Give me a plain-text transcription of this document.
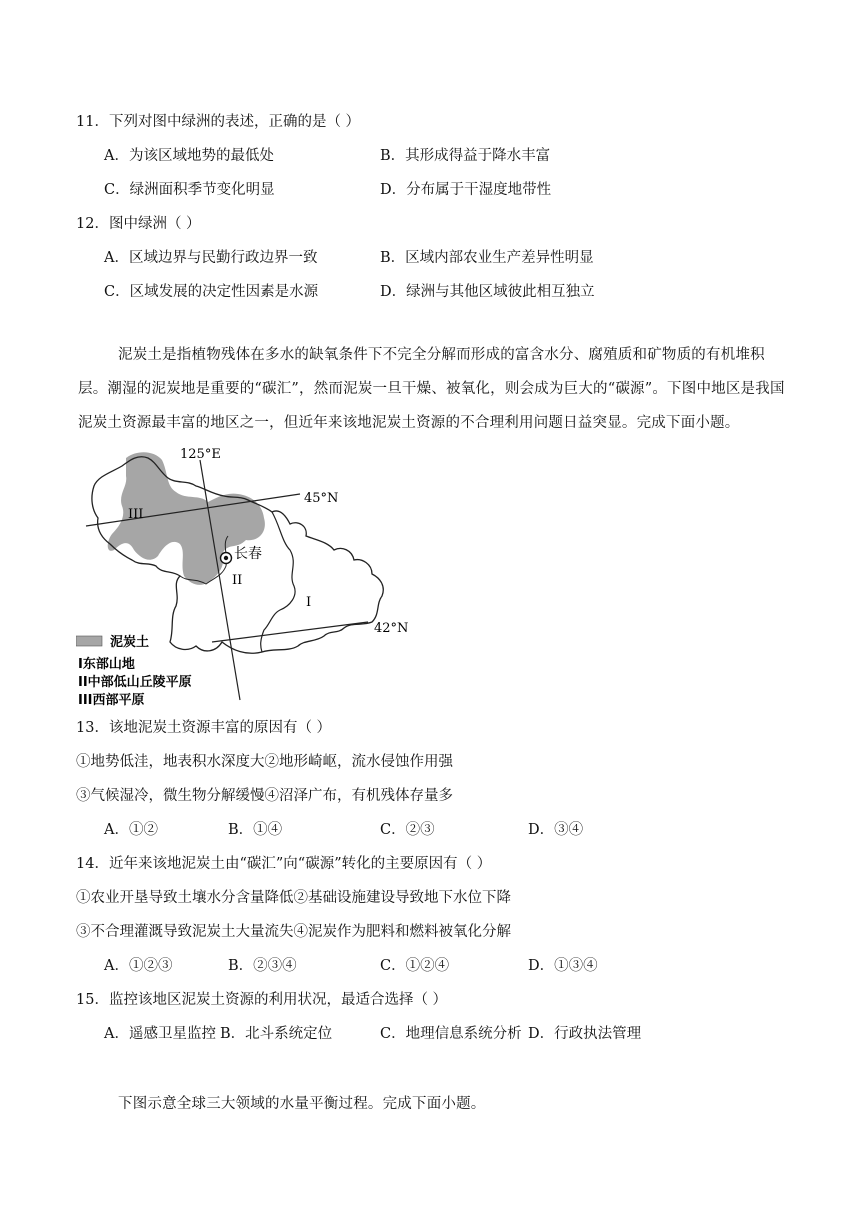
11．下列对图中绿洲的表述，正确的是（ ）
A．为该区域地势的最低处	B．其形成得益于降水丰富
C．绿洲面积季节变化明显	D．分布属于干湿度地带性
12．图中绿洲（ ）
A．区域边界与民勤行政边界一致	B．区域内部农业生产差异性明显
C．区域发展的决定性因素是水源	D．绿洲与其他区域彼此相互独立
泥炭土是指植物残体在多水的缺氧条件下不完全分解而形成的富含水分、腐殖质和矿物质的有机堆积层。潮湿的泥炭地是重要的“碳汇”，然而泥炭一旦干燥、被氧化，则会成为巨大的“碳源”。下图中地区是我国泥炭土资源最丰富的地区之一，但近年来该地泥炭土资源的不合理利用问题日益突显。完成下面小题。
125°E
45°N
42°N
长春
III
II
I
泥炭土
I东部山地
II中部低山丘陵平原
III西部平原
13．该地泥炭土资源丰富的原因有（ ）
①地势低洼，地表积水深度大②地形崎岖，流水侵蚀作用强
③气候湿冷，微生物分解缓慢④沼泽广布，有机残体存量多
A．①②	B．①④	C．②③	D．③④
14．近年来该地泥炭土由“碳汇”向“碳源”转化的主要原因有（ ）
①农业开垦导致土壤水分含量降低②基础设施建设导致地下水位下降
③不合理灌溉导致泥炭土大量流失④泥炭作为肥料和燃料被氧化分解
A．①②③	B．②③④	C．①②④	D．①③④
15．监控该地区泥炭土资源的利用状况，最适合选择（ ）
A．遥感卫星监控 B．北斗系统定位	C．地理信息系统分析 D．行政执法管理
下图示意全球三大领域的水量平衡过程。完成下面小题。
